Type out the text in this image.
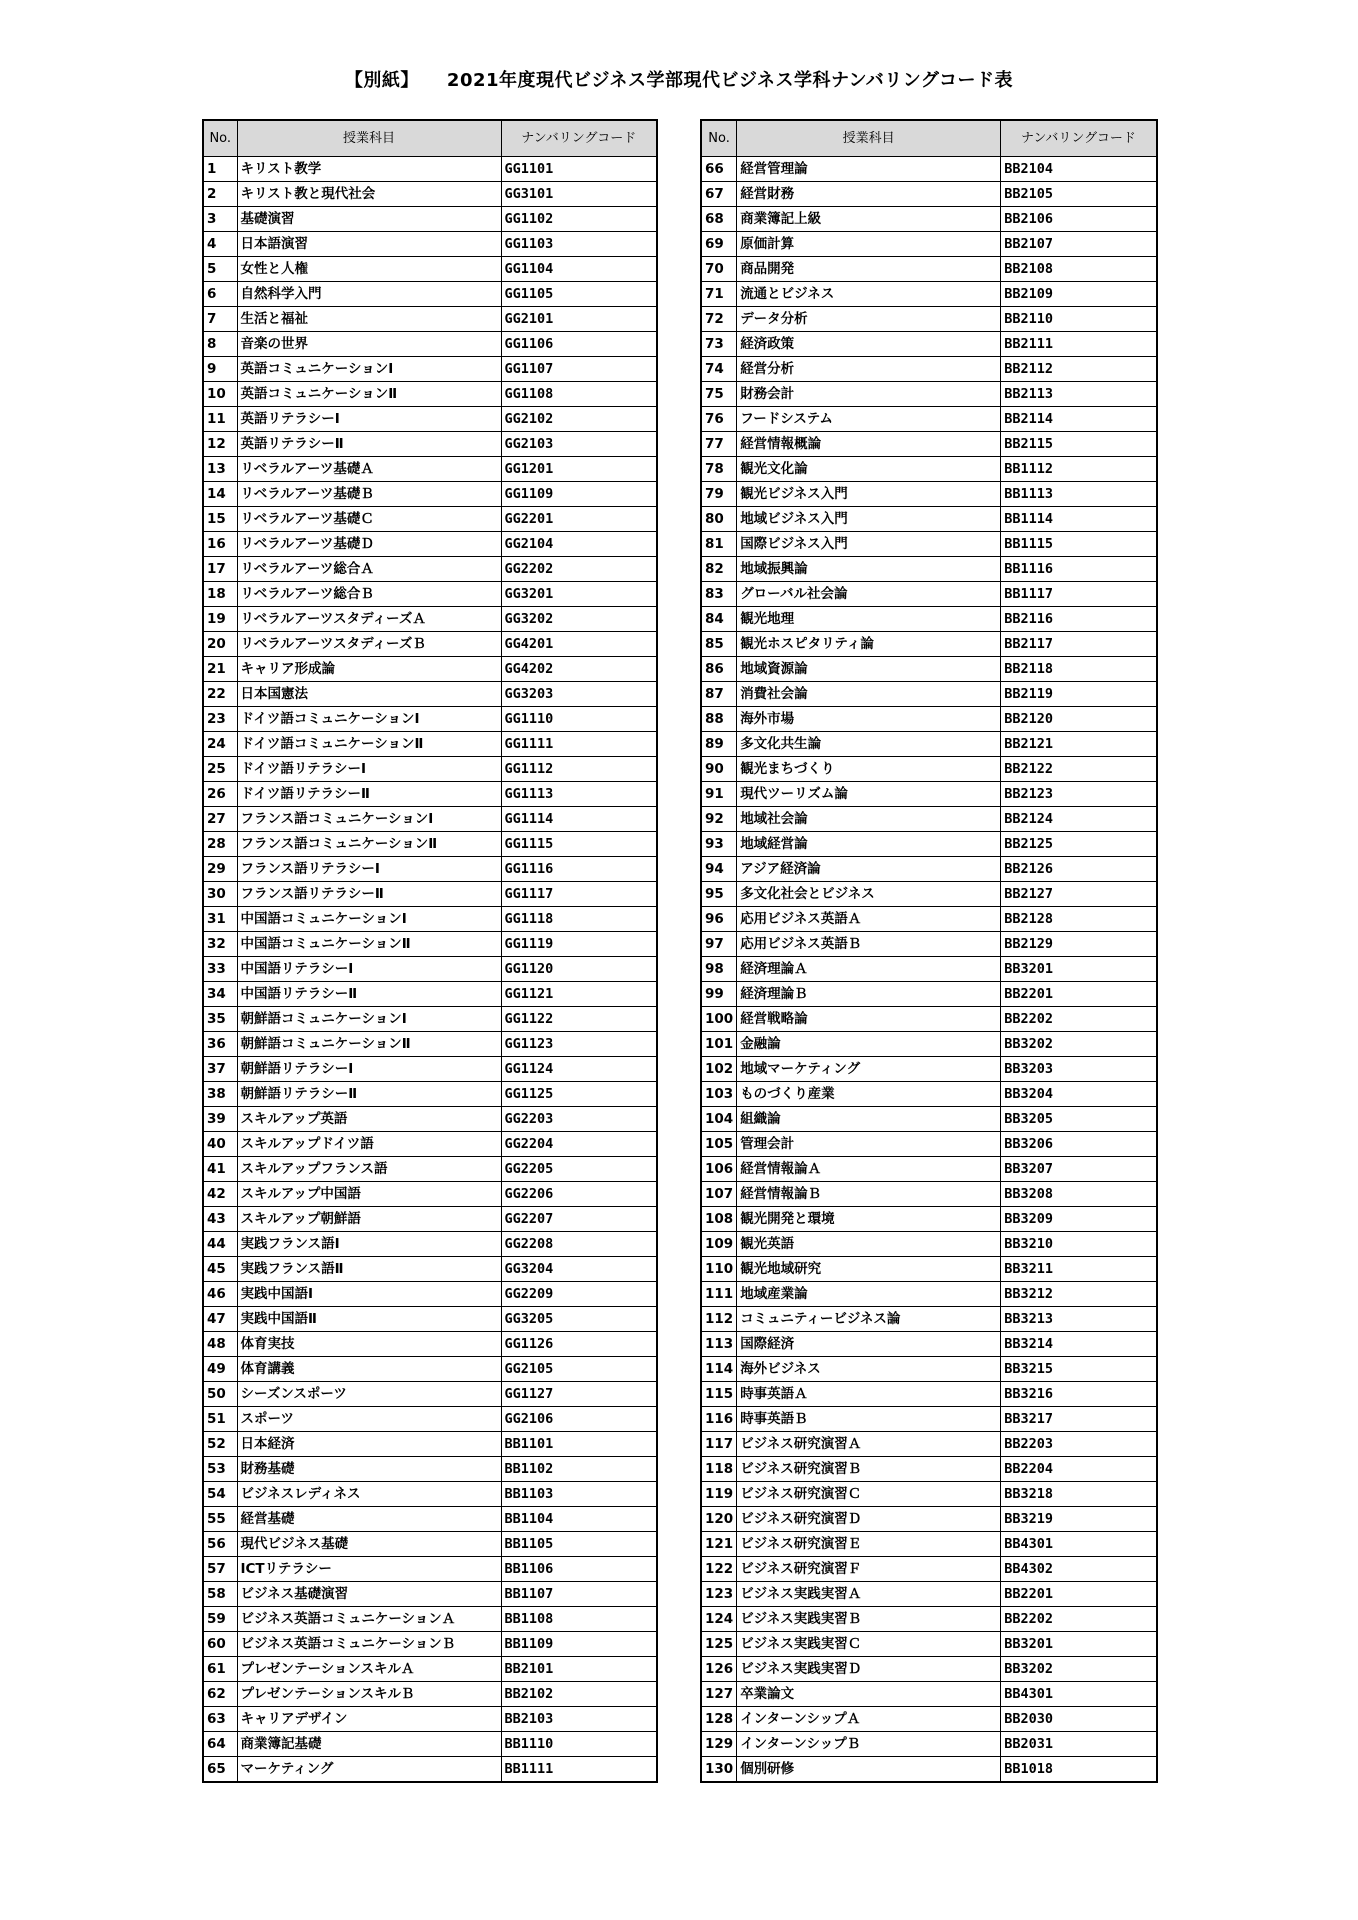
【別紙】 2021年度現代ビジネス学部現代ビジネス学科ナンバリングコード表
No.	授業科目	ナンバリングコード
1	キリスト教学	GG1101
2	キリスト教と現代社会	GG3101
3	基礎演習	GG1102
4	日本語演習	GG1103
5	女性と人権	GG1104
6	自然科学入門	GG1105
7	生活と福祉	GG2101
8	音楽の世界	GG1106
9	英語コミュニケーションⅠ	GG1107
10	英語コミュニケーションⅡ	GG1108
11	英語リテラシーⅠ	GG2102
12	英語リテラシーⅡ	GG2103
13	リベラルアーツ基礎Ａ	GG1201
14	リベラルアーツ基礎Ｂ	GG1109
15	リベラルアーツ基礎Ｃ	GG2201
16	リベラルアーツ基礎Ｄ	GG2104
17	リベラルアーツ総合Ａ	GG2202
18	リベラルアーツ総合Ｂ	GG3201
19	リベラルアーツスタディーズＡ	GG3202
20	リベラルアーツスタディーズＢ	GG4201
21	キャリア形成論	GG4202
22	日本国憲法	GG3203
23	ドイツ語コミュニケーションⅠ	GG1110
24	ドイツ語コミュニケーションⅡ	GG1111
25	ドイツ語リテラシーⅠ	GG1112
26	ドイツ語リテラシーⅡ	GG1113
27	フランス語コミュニケーションⅠ	GG1114
28	フランス語コミュニケーションⅡ	GG1115
29	フランス語リテラシーⅠ	GG1116
30	フランス語リテラシーⅡ	GG1117
31	中国語コミュニケーションⅠ	GG1118
32	中国語コミュニケーションⅡ	GG1119
33	中国語リテラシーⅠ	GG1120
34	中国語リテラシーⅡ	GG1121
35	朝鮮語コミュニケーションⅠ	GG1122
36	朝鮮語コミュニケーションⅡ	GG1123
37	朝鮮語リテラシーⅠ	GG1124
38	朝鮮語リテラシーⅡ	GG1125
39	スキルアップ英語	GG2203
40	スキルアップドイツ語	GG2204
41	スキルアップフランス語	GG2205
42	スキルアップ中国語	GG2206
43	スキルアップ朝鮮語	GG2207
44	実践フランス語Ⅰ	GG2208
45	実践フランス語Ⅱ	GG3204
46	実践中国語Ⅰ	GG2209
47	実践中国語Ⅱ	GG3205
48	体育実技	GG1126
49	体育講義	GG2105
50	シーズンスポーツ	GG1127
51	スポーツ	GG2106
52	日本経済	BB1101
53	財務基礎	BB1102
54	ビジネスレディネス	BB1103
55	経営基礎	BB1104
56	現代ビジネス基礎	BB1105
57	ICTリテラシー	BB1106
58	ビジネス基礎演習	BB1107
59	ビジネス英語コミュニケーションＡ	BB1108
60	ビジネス英語コミュニケーションＢ	BB1109
61	プレゼンテーションスキルＡ	BB2101
62	プレゼンテーションスキルＢ	BB2102
63	キャリアデザイン	BB2103
64	商業簿記基礎	BB1110
65	マーケティング	BB1111
No.	授業科目	ナンバリングコード
66	経営管理論	BB2104
67	経営財務	BB2105
68	商業簿記上級	BB2106
69	原価計算	BB2107
70	商品開発	BB2108
71	流通とビジネス	BB2109
72	データ分析	BB2110
73	経済政策	BB2111
74	経営分析	BB2112
75	財務会計	BB2113
76	フードシステム	BB2114
77	経営情報概論	BB2115
78	観光文化論	BB1112
79	観光ビジネス入門	BB1113
80	地域ビジネス入門	BB1114
81	国際ビジネス入門	BB1115
82	地域振興論	BB1116
83	グローバル社会論	BB1117
84	観光地理	BB2116
85	観光ホスピタリティ論	BB2117
86	地域資源論	BB2118
87	消費社会論	BB2119
88	海外市場	BB2120
89	多文化共生論	BB2121
90	観光まちづくり	BB2122
91	現代ツーリズム論	BB2123
92	地域社会論	BB2124
93	地域経営論	BB2125
94	アジア経済論	BB2126
95	多文化社会とビジネス	BB2127
96	応用ビジネス英語Ａ	BB2128
97	応用ビジネス英語Ｂ	BB2129
98	経済理論Ａ	BB3201
99	経済理論Ｂ	BB2201
100	経営戦略論	BB2202
101	金融論	BB3202
102	地域マーケティング	BB3203
103	ものづくり産業	BB3204
104	組織論	BB3205
105	管理会計	BB3206
106	経営情報論Ａ	BB3207
107	経営情報論Ｂ	BB3208
108	観光開発と環境	BB3209
109	観光英語	BB3210
110	観光地域研究	BB3211
111	地域産業論	BB3212
112	コミュニティービジネス論	BB3213
113	国際経済	BB3214
114	海外ビジネス	BB3215
115	時事英語Ａ	BB3216
116	時事英語Ｂ	BB3217
117	ビジネス研究演習Ａ	BB2203
118	ビジネス研究演習Ｂ	BB2204
119	ビジネス研究演習Ｃ	BB3218
120	ビジネス研究演習Ｄ	BB3219
121	ビジネス研究演習Ｅ	BB4301
122	ビジネス研究演習Ｆ	BB4302
123	ビジネス実践実習Ａ	BB2201
124	ビジネス実践実習Ｂ	BB2202
125	ビジネス実践実習Ｃ	BB3201
126	ビジネス実践実習Ｄ	BB3202
127	卒業論文	BB4301
128	インターンシップＡ	BB2030
129	インターンシップＢ	BB2031
130	個別研修	BB1018
